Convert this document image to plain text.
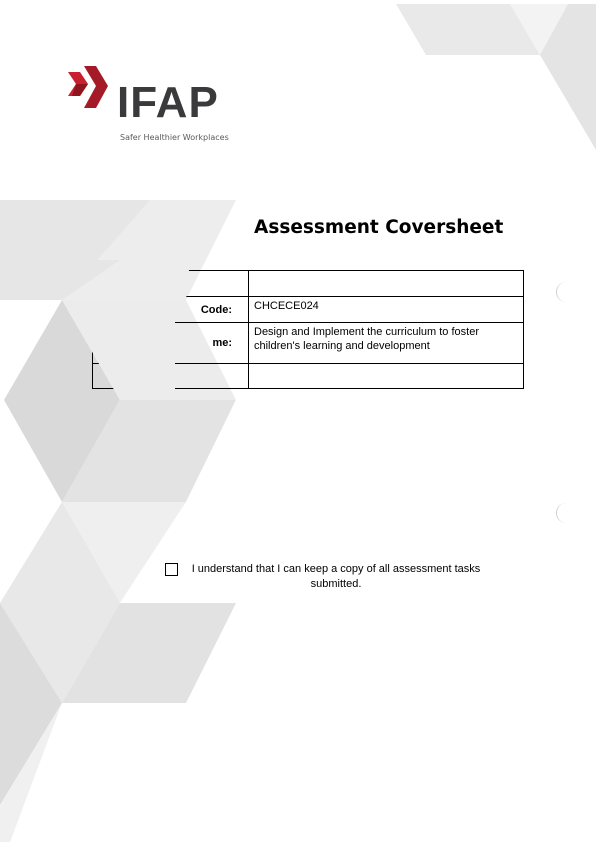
IFAP
Safer Healthier Workplaces
Assessment Coversheet

Code:	CHCECE024
me:	Design and Implement the curriculum to foster children's learning and development

I understand that I can keep a copy of all assessment tasks submitted.
